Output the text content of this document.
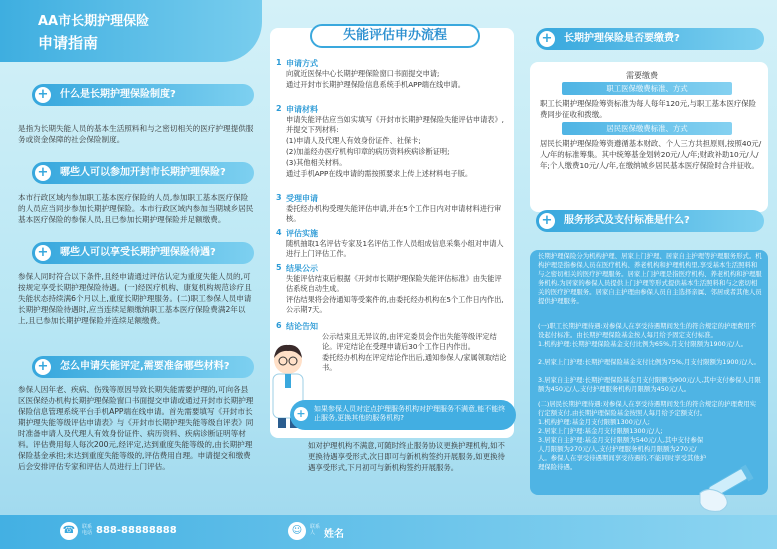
AA市长期护理保险
申请指南
+ 什么是长期护理保险制度?
是指为长期失能人员的基本生活照料和与之密切相关的医疗护理提供服务或资金保障的社会保险制度。
+ 哪些人可以参加开封市长期护理保险?
本市行政区域内参加职工基本医疗保险的人员,参加职工基本医疗保险的人员应当同步参加长期护理保险。本市行政区域内参加当期城乡居民基本医疗保险的参保人员,且已参加长期护理保险并足额缴费。
+ 哪些人可以享受长期护理保险待遇?
参保人同时符合以下条件,且经申请通过评估认定为重度失能人员的,可按规定享受长期护理保险待遇。(一)经医疗机构、康复机构规范诊疗且失能状态持续满6个月以上,重度长期护理服务。(二)职工参保人员申请长期护理保险待遇时,应当连续足额缴纳职工基本医疗保险费满2年以上,且已参加长期护理保险并连续足额缴费。
+ 怎么申请失能评定,需要准备哪些材料?
参保人因年老、疾病、伤残等原因导致长期失能需要护理的,可向各县区医保经办机构长期护理保险窗口书面提交申请或通过开封市长期护理保险信息管理系统平台手机APP端在线申请。首先需要填写《开封市长期护理失能等级评估申请表》与《开封市长期护理失能等级自评表》同时准备申请人及代理人有效身份证件、病历资料、疾病诊断证明等材料。评估费用每人每次200元,经评定,达到重度失能等级的,由长期护理保险基金承担;未达到重度失能等级的,评估费用自理。申请提交和缴费后会安排评估专家和评估人员进行上门评估。
失能评估申办流程
1 申请方式
向就近医保中心长期护理保险窗口书面提交申请;
通过开封市长期护理保险信息系统手机APP端在线申请。
2 申请材料
申请失能评估应当如实填写《开封市长期护理保险失能评估申请表》,并提交下列材料:
(1)申请人及代理人有效身份证件、社保卡;
(2)加盖经办医疗机构印章的病历资料疾病诊断证明;
(3)其他相关材料。
通过手机APP在线申请的需按照要求上传上述材料电子版。
3 受理申请
委托经办机构受理失能评估申请,并在5个工作日内对申请材料进行审核。
4 评估实施
随机抽取1名评估专家及1名评估工作人员组成信息采集小组对申请人进行上门评估工作。
5 结果公示
失能评估结束后根据《开封市长期护理保险失能评估标准》由失能评估系统自动生成。
评估结果将会待通知等受案件的,由委托经办机构在5个工作日内作出,公示期7天。
6 结论告知
公示结束且无异议的,由评定委员会作出失能等级评定结论。评定结论在受理申请后30个工作日内作出。
委托经办机构在评定结论作出后,通知参保人/家属领取结论书。
如对护理机构不满意,可随时终止服务协议更换护理机构,如不更换待遇享受形式,次日即可与新机构签约开展服务,如更换待遇享受形式,下月初可与新机构签约开展服务。
+	如果参保人员对定点护理服务机构对护理服务不满意,能不能终止服务,更换其他的服务机构?
+ 长期护理保险是否要缴费?
需要缴费
职工医保缴费标准、方式
职工长期护理保险筹资标准为每人每年120元,与职工基本医疗保险费同步征收和拨缴。
居民医保缴费标准、方式
居民长期护理保险筹资遵循基本财政、个人三方共担原则,按照40元/人/年的标准筹集。其中统筹基金划转20元/人/年;财政补助10元/人/年;个人缴费10元/人/年,在缴纳城乡居民基本医疗保险时合并征收。
+ 服务形式及支付标准是什么?
长期护理保险分为机构护理、居家上门护理、居家自主护理等护理服务形式。机构护理是指参保人员在医疗机构、养老机构和护理机构里,享受基本生活照料和与之密切相关的医疗护理服务。居家上门护理是指医疗机构、养老机构和护理服务机构,为居家的参保人员提供上门护理等形式提供基本生活照料和与之密切相关的医疗护理服务。居家自主护理由参保人员自主选择亲属、邻居或者其他人员提供护理服务。
(一)职工长期护理待遇:对参保人在享受待遇期间发生的符合规定的护理费用不设起付标准。由长期护理保险基金按人每月给予固定支付标准。
1.机构护理:长期护理保险基金支付比例为65%,月支付限额为1900元/人。
2.居家上门护理:长期护理保险基金支付比例为75%,月支付限额为1900元/人。
3.居家自主护理:长期护理保险基金月支付限额为900元/人,其中支付参保人月限额为450元/人,支付护理服务机构月限额为450元/人。
(二)居民长期护理待遇:对参保人在享受待遇期间发生的符合规定的护理费用实行定额支付,由长期护理保险基金按照人每月给予定额支付。
1.机构护理:基金月支付限额1300元/人;
2.居家上门护理:基金月支付限额1300元/人;
3.居家自主护理:基金月支付限额为540元/人,其中支付参保人月限额为270元/人,支付护理服务机构月限额为270元/人。参保人在享受待遇期间享受待遇的,不能同时享受其他护理保险待遇。
☎	联系
电话 888-88888888	☺	联系
人 姓名
